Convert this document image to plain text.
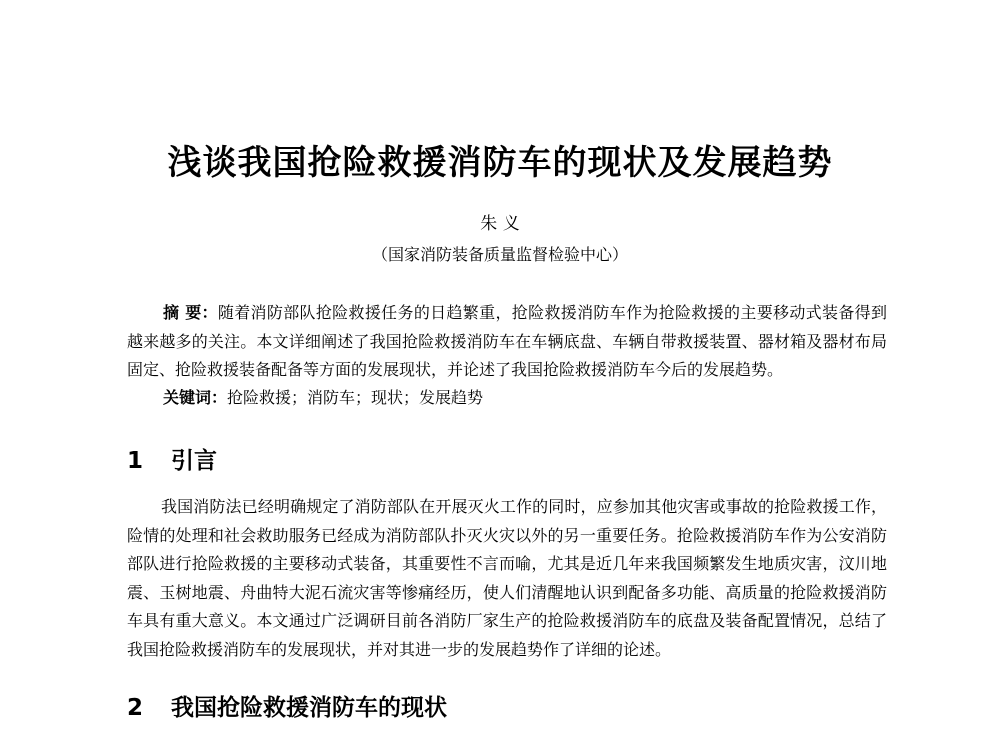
浅谈我国抢险救援消防车的现状及发展趋势

朱 义

（国家消防装备质量监督检验中心）

摘 要：随着消防部队抢险救援任务的日趋繁重，抢险救援消防车作为抢险救援的主要移动式装备得到越来越多的关注。本文详细阐述了我国抢险救援消防车在车辆底盘、车辆自带救援装置、器材箱及器材布局固定、抢险救援装备配备等方面的发展现状，并论述了我国抢险救援消防车今后的发展趋势。

关键词：抢险救援；消防车；现状；发展趋势

1 引言

我国消防法已经明确规定了消防部队在开展灭火工作的同时，应参加其他灾害或事故的抢险救援工作，险情的处理和社会救助服务已经成为消防部队扑灭火灾以外的另一重要任务。抢险救援消防车作为公安消防部队进行抢险救援的主要移动式装备，其重要性不言而喻，尤其是近几年来我国频繁发生地质灾害，汶川地震、玉树地震、舟曲特大泥石流灾害等惨痛经历，使人们清醒地认识到配备多功能、高质量的抢险救援消防车具有重大意义。本文通过广泛调研目前各消防厂家生产的抢险救援消防车的底盘及装备配置情况，总结了我国抢险救援消防车的发展现状，并对其进一步的发展趋势作了详细的论述。

2 我国抢险救援消防车的现状
